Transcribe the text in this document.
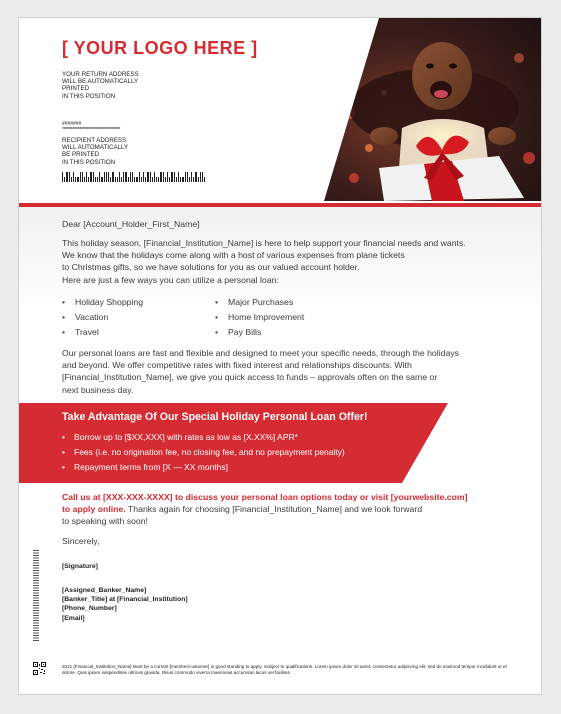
[ YOUR LOGO HERE ]
YOUR RETURN ADDRESS
WILL BE AUTOMATICALLY
PRINTED
IN THIS POSITION
#######
****************************************
RECIPIENT ADDRESS
WILL AUTOMATICALLY
BE PRINTED
IN THIS POSITION

Dear [Account_Holder_First_Name]

This holiday season, [Financial_Institution_Name] is here to help support your financial needs and wants.
We know that the holidays come along with a host of various expenses from plane tickets
to Christmas gifts, so we have solutions for you as our valued account holder.
Here are just a few ways you can utilize a personal loan:

• Holiday Shopping
• Vacation
• Travel
• Major Purchases
• Home Improvement
• Pay Bills

Our personal loans are fast and flexible and designed to meet your specific needs, through the holidays
and beyond. We offer competitive rates with fixed interest and relationships discounts. With
[Financial_Institution_Name], we give you quick access to funds – approvals often on the same or
next business day.

Take Advantage Of Our Special Holiday Personal Loan Offer!
• Borrow up to [$XX,XXX] with rates as low as [X.XX%] APR*
• Fees (i.e. no origination fee, no closing fee, and no prepayment penalty)
• Repayment terms from [X — XX months]

Call us at [XXX-XXX-XXXX] to discuss your personal loan options today or visit [yourwebsite.com]
to apply online. Thanks again for choosing [Financial_Institution_Name] and we look forward
to speaking with soon!

Sincerely,

[Signature]

[Assigned_Banker_Name]
[Banker_Title] at [Financial_Institution]
[Phone_Number]
[Email]

2021 [Financial_Institution_Name] Must be a current [member/customer] in good standing to apply. Subject to qualifications. Lorem ipsum dolor sit amet, consectetur adipiscing elit, sed do eiusmod tempor incididunt ut et dolore. Quis ipsum suspendisse ultrices gravida. Risus commodo viverra maecenas accumsan lacus vel facilisis.
